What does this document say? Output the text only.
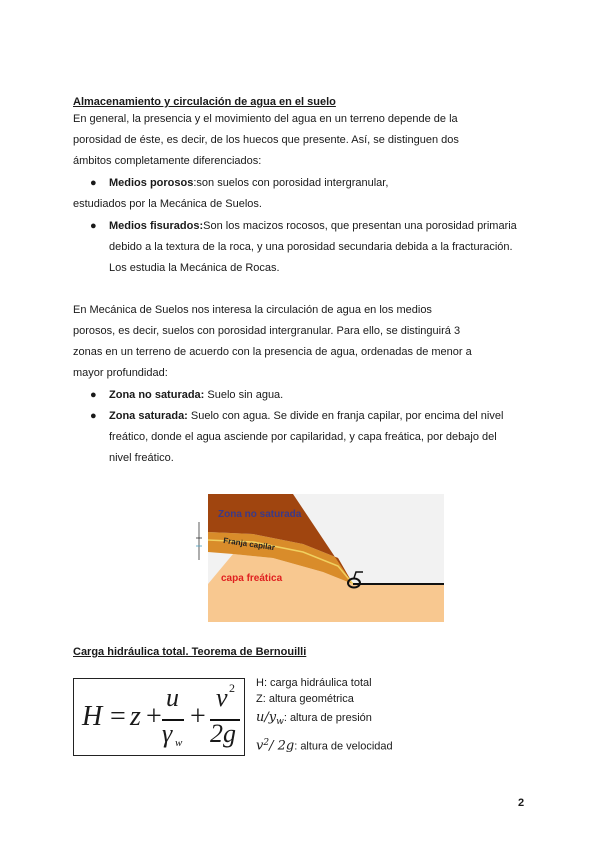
Almacenamiento y circulación de agua en el suelo
En general, la presencia y el movimiento del agua en un terreno depende de la
porosidad de éste, es decir, de los huecos que presente. Así, se distinguen dos
ámbitos completamente diferenciados:
● Medios porosos:son suelos con porosidad intergranular,
estudiados por la Mecánica de Suelos.
● Medios fisurados:Son los macizos rocosos, que presentan una porosidad primaria
debido a la textura de la roca, y una porosidad secundaria debida a la fracturación.
Los estudia la Mecánica de Rocas.
En Mecánica de Suelos nos interesa la circulación de agua en los medios
porosos, es decir, suelos con porosidad intergranular. Para ello, se distinguirá 3
zonas en un terreno de acuerdo con la presencia de agua, ordenadas de menor a
mayor profundidad:
● Zona no saturada: Suelo sin agua.
● Zona saturada: Suelo con agua. Se divide en franja capilar, por encima del nivel
freático, donde el agua asciende por capilaridad, y capa freática, por debajo del
nivel freático.
Zona no saturada
Franja capilar
capa freática
Carga hidráulica total. Teorema de Bernouilli
H = z +
u
γ w
+
v 2
2g
H: carga hidráulica total
Z: altura geométrica
$u/y_w$: altura de presión
$v^2/$ 2g: altura de velocidad
2
